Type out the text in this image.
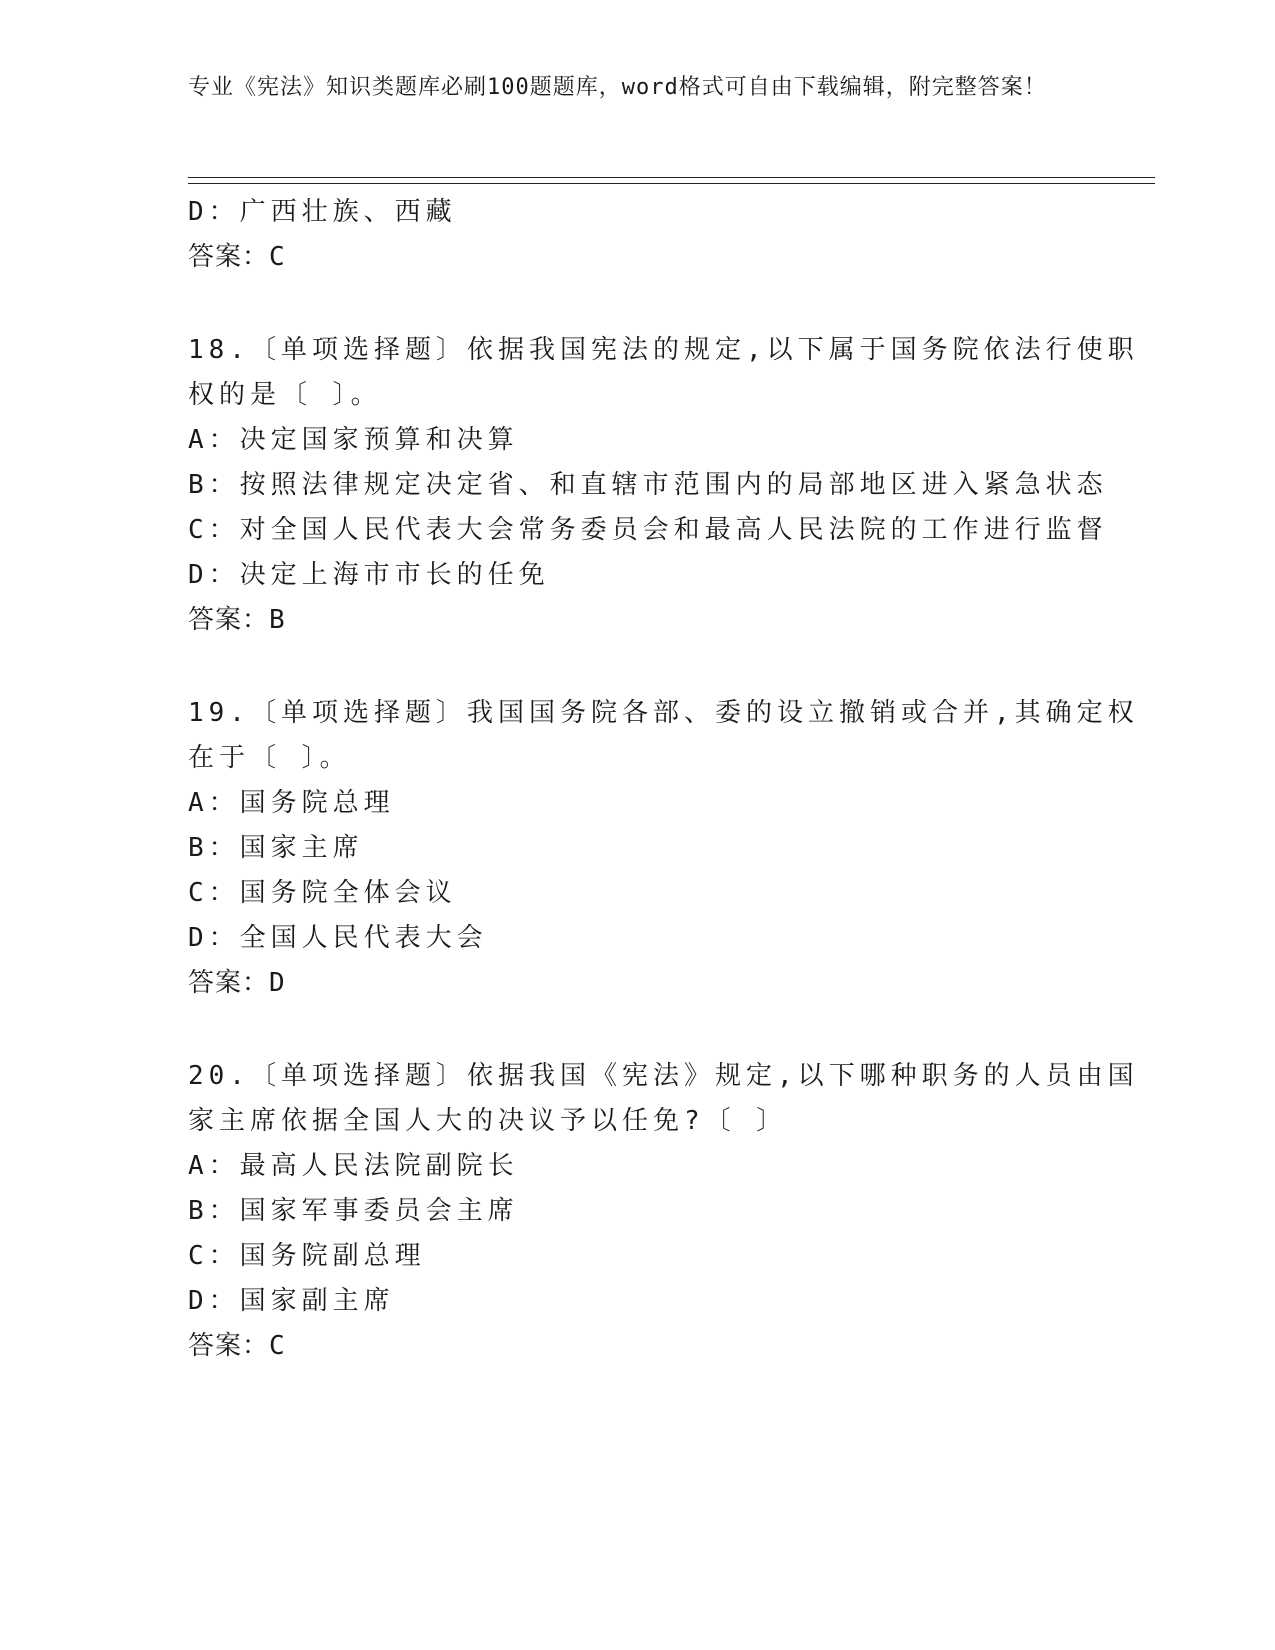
专业《宪法》知识类题库必刷100题题库，word格式可自由下载编辑，附完整答案！
D：广西壮族、西藏
答案：C
18.〔单项选择题〕依据我国宪法的规定,以下属于国务院依法行使职
权的是〔 〕。
A：决定国家预算和决算
B：按照法律规定决定省、和直辖市范围内的局部地区进入紧急状态
C：对全国人民代表大会常务委员会和最高人民法院的工作进行监督
D：决定上海市市长的任免
答案：B
19.〔单项选择题〕我国国务院各部、委的设立撤销或合并,其确定权
在于〔 〕。
A：国务院总理
B：国家主席
C：国务院全体会议
D：全国人民代表大会
答案：D
20.〔单项选择题〕依据我国《宪法》规定,以下哪种职务的人员由国
家主席依据全国人大的决议予以任免?〔 〕
A：最高人民法院副院长
B：国家军事委员会主席
C：国务院副总理
D：国家副主席
答案：C
